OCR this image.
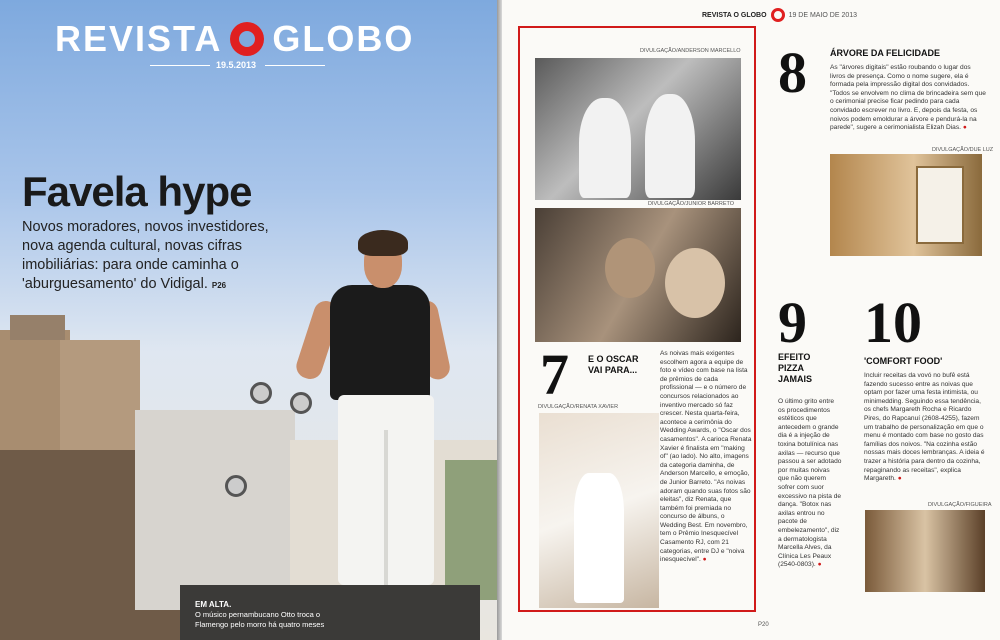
REVISTA GLOBO
19.5.2013
Favela hype
Novos moradores, novos investidores, nova agenda cultural, novas cifras imobiliárias: para onde caminha o 'aburguesamento' do Vidigal. P26
EM ALTA.
O músico pernambucano Otto troca o Flamengo pelo morro há quatro meses
REVISTA O GLOBO	19 DE MAIO DE 2013
DIVULGAÇÃO/ANDERSON MARCELLO
DIVULGAÇÃO/JUNIOR BARRETO
7 E O OSCAR VAI PARA...
DIVULGAÇÃO/RENATA XAVIER
As noivas mais exigentes escolhem agora a equipe de foto e vídeo com base na lista de prêmios de cada profissional — e o número de concursos relacionados ao inventivo mercado só faz crescer. Nesta quarta-feira, acontece a cerimônia do Wedding Awards, o "Oscar dos casamentos". A carioca Renata Xavier é finalista em "making of" (ao lado). No alto, imagens da categoria daminha, de Anderson Marcello, e emoção, de Junior Barreto. "As noivas adoram quando suas fotos são eleitas", diz Renata, que também foi premiada no concurso de álbuns, o Wedding Best. Em novembro, tem o Prêmio Inesquecível Casamento RJ, com 21 categorias, entre DJ e "noiva inesquecível". ●
8	ÁRVORE DA FELICIDADE
As "árvores digitais" estão roubando o lugar dos livros de presença. Como o nome sugere, ela é formada pela impressão digital dos convidados. "Todos se envolvem no clima de brincadeira sem que o cerimonial precise ficar pedindo para cada convidado escrever no livro. E, depois da festa, os noivos podem emoldurar a árvore e pendurá-la na parede", sugere a cerimonialista Elizah Dias. ●
DIVULGAÇÃO/DUE LUZ
9
EFEITO PIZZA JAMAIS
O último grito entre os procedimentos estéticos que antecedem o grande dia é a injeção de toxina botulínica nas axilas — recurso que passou a ser adotado por muitas noivas que não querem sofrer com suor excessivo na pista de dança. "Botox nas axilas entrou no pacote de embelezamento", diz a dermatologista Marcella Alves, da Clínica Les Peaux (2540-0803). ●
10
'COMFORT FOOD'
Incluir receitas da vovó no bufê está fazendo sucesso entre as noivas que optam por fazer uma festa intimista, ou minimedding. Seguindo essa tendência, os chefs Margareth Rocha e Ricardo Pires, do Rapcanuí (2608-4255), fazem um trabalho de personalização em que o menu é montado com base no gosto das famílias dos noivos. "Na cozinha estão nossas mais doces lembranças. A ideia é trazer a história para dentro da cozinha, repaginando as receitas", explica Margareth. ●
DIVULGAÇÃO/FIGUEIRA
P20
